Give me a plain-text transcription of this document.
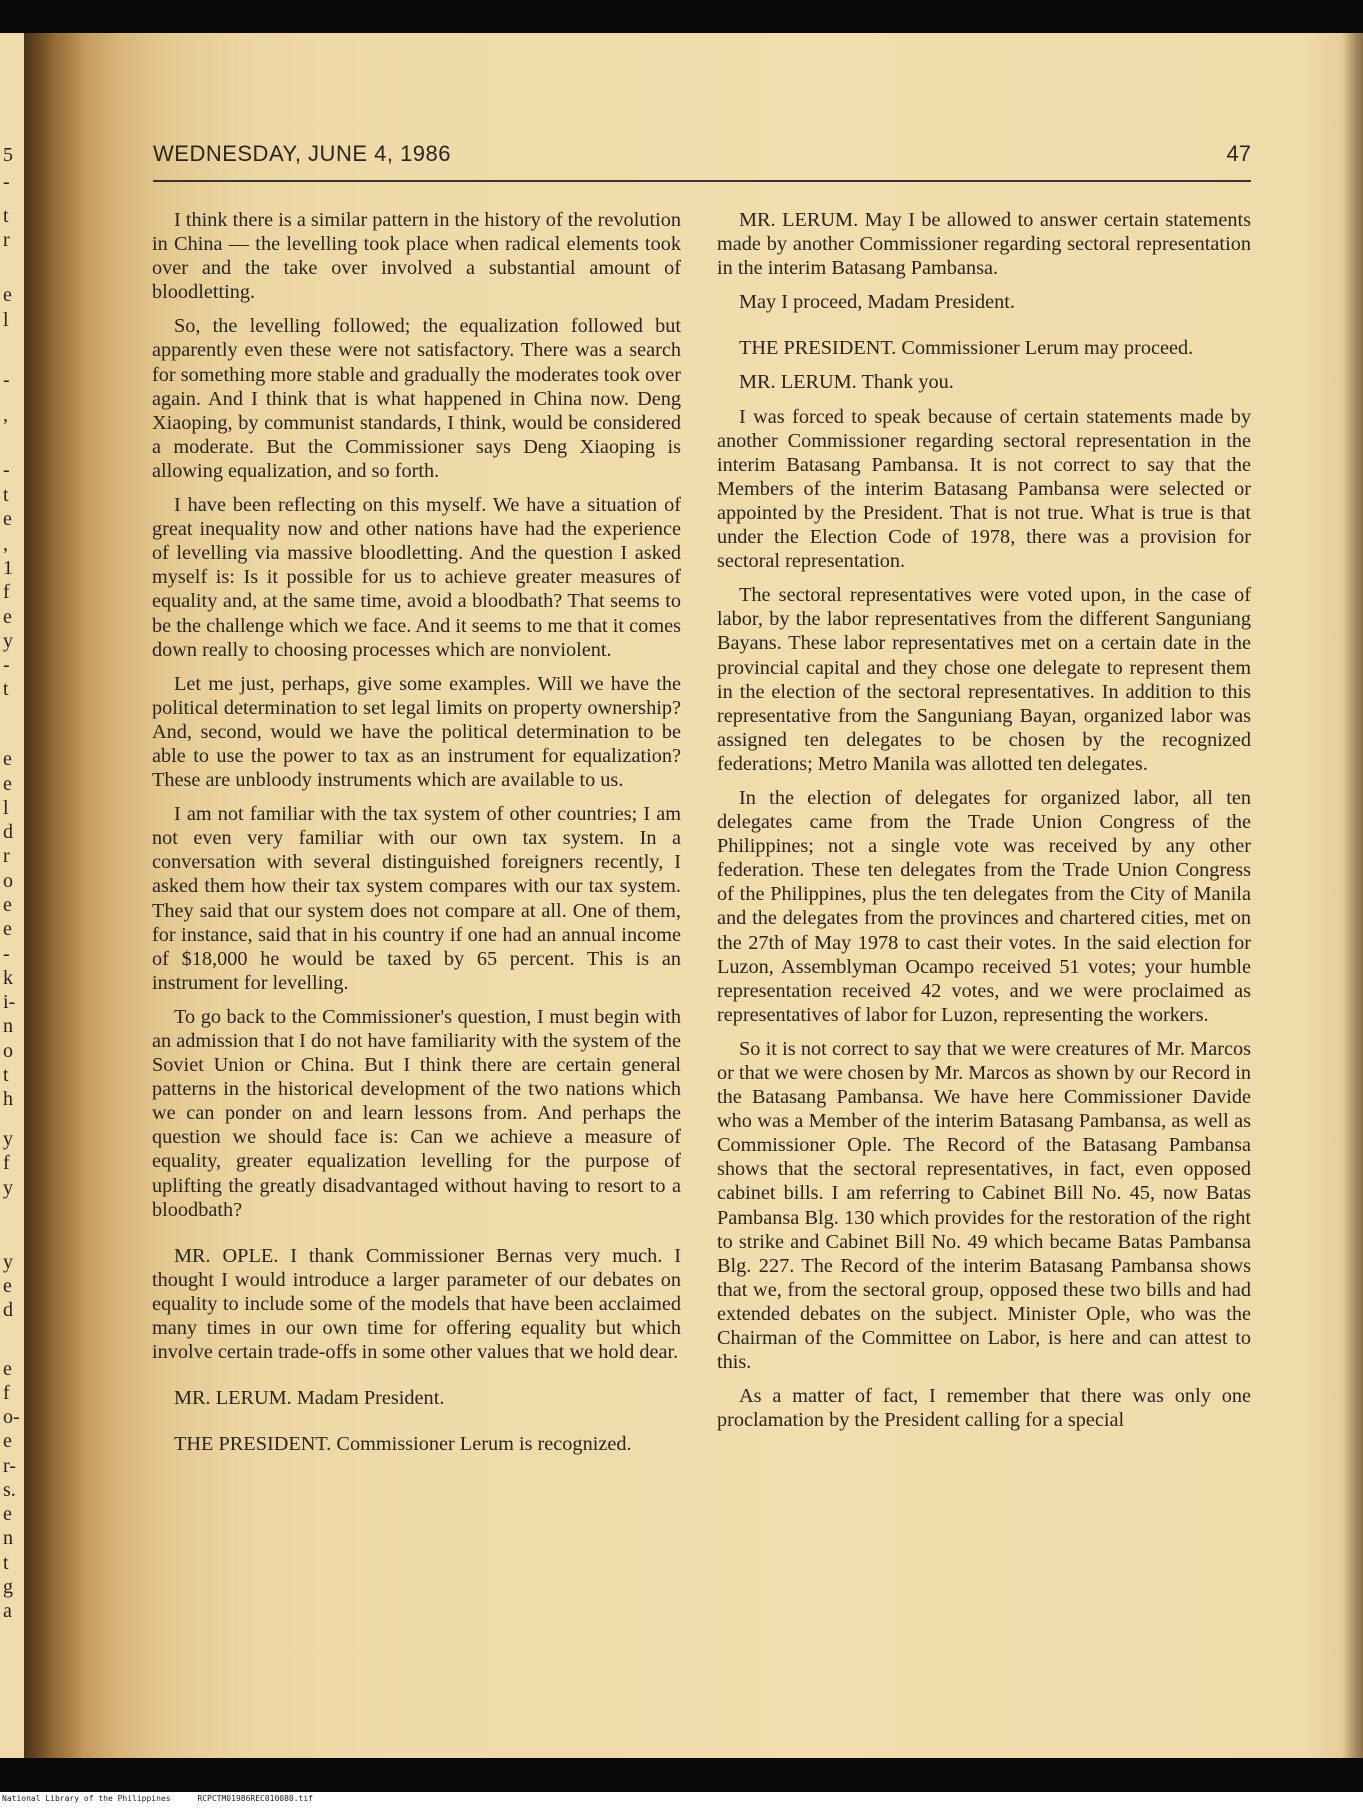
5
-
t
r
e
l
-
,
-
t
e
,
1
f
e
y
-
t
e
e
l
d
r
o
e
e
-
k
i-
n
o
t
h
y
f
y
y
e
d
e
f
o-
e
r-
s.
e
n
t
g
a
WEDNESDAY, JUNE 4, 1986	47

I think there is a similar pattern in the history of the revolution in China — the levelling took place when radical elements took over and the take over involved a substantial amount of bloodletting.

So, the levelling followed; the equalization followed but apparently even these were not satisfactory. There was a search for something more stable and gradually the moderates took over again. And I think that is what happened in China now. Deng Xiaoping, by communist standards, I think, would be considered a moderate. But the Commissioner says Deng Xiaoping is allowing equalization, and so forth.

I have been reflecting on this myself. We have a situation of great inequality now and other nations have had the experience of levelling via massive bloodletting. And the question I asked myself is: Is it possible for us to achieve greater measures of equality and, at the same time, avoid a bloodbath? That seems to be the challenge which we face. And it seems to me that it comes down really to choosing processes which are nonviolent.

Let me just, perhaps, give some examples. Will we have the political determination to set legal limits on property ownership? And, second, would we have the political determination to be able to use the power to tax as an instrument for equalization? These are unbloody instruments which are available to us.

I am not familiar with the tax system of other countries; I am not even very familiar with our own tax system. In a conversation with several distinguished foreigners recently, I asked them how their tax system compares with our tax system. They said that our system does not compare at all. One of them, for instance, said that in his country if one had an annual income of $18,000 he would be taxed by 65 percent. This is an instrument for levelling.

To go back to the Commissioner's question, I must begin with an admission that I do not have familiarity with the system of the Soviet Union or China. But I think there are certain general patterns in the historical development of the two nations which we can ponder on and learn lessons from. And perhaps the question we should face is: Can we achieve a measure of equality, greater equalization levelling for the purpose of uplifting the greatly disadvantaged without having to resort to a bloodbath?

MR. OPLE. I thank Commissioner Bernas very much. I thought I would introduce a larger parameter of our debates on equality to include some of the models that have been acclaimed many times in our own time for offering equality but which involve certain trade-offs in some other values that we hold dear.

MR. LERUM. Madam President.

THE PRESIDENT. Commissioner Lerum is recognized.

MR. LERUM. May I be allowed to answer certain statements made by another Commissioner regarding sectoral representation in the interim Batasang Pambansa.

May I proceed, Madam President.

THE PRESIDENT. Commissioner Lerum may proceed.

MR. LERUM. Thank you.

I was forced to speak because of certain statements made by another Commissioner regarding sectoral representation in the interim Batasang Pambansa. It is not correct to say that the Members of the interim Batasang Pambansa were selected or appointed by the President. That is not true. What is true is that under the Election Code of 1978, there was a provision for sectoral representation.

The sectoral representatives were voted upon, in the case of labor, by the labor representatives from the different Sanguniang Bayans. These labor representatives met on a certain date in the provincial capital and they chose one delegate to represent them in the election of the sectoral representatives. In addition to this representative from the Sanguniang Bayan, organized labor was assigned ten delegates to be chosen by the recognized federations; Metro Manila was allotted ten delegates.

In the election of delegates for organized labor, all ten delegates came from the Trade Union Congress of the Philippines; not a single vote was received by any other federation. These ten delegates from the Trade Union Congress of the Philippines, plus the ten delegates from the City of Manila and the delegates from the provinces and chartered cities, met on the 27th of May 1978 to cast their votes. In the said election for Luzon, Assemblyman Ocampo received 51 votes; your humble representation received 42 votes, and we were proclaimed as representatives of labor for Luzon, representing the workers.

So it is not correct to say that we were creatures of Mr. Marcos or that we were chosen by Mr. Marcos as shown by our Record in the Batasang Pambansa. We have here Commissioner Davide who was a Member of the interim Batasang Pambansa, as well as Commissioner Ople. The Record of the Batasang Pambansa shows that the sectoral representatives, in fact, even opposed cabinet bills. I am referring to Cabinet Bill No. 45, now Batas Pambansa Blg. 130 which provides for the restoration of the right to strike and Cabinet Bill No. 49 which became Batas Pambansa Blg. 227. The Record of the interim Batasang Pambansa shows that we, from the sectoral group, opposed these two bills and had extended debates on the subject. Minister Ople, who was the Chairman of the Committee on Labor, is here and can attest to this.

As a matter of fact, I remember that there was only one proclamation by the President calling for a special

National Library of the Philippines	RCPCTM01986REC010080.tif
